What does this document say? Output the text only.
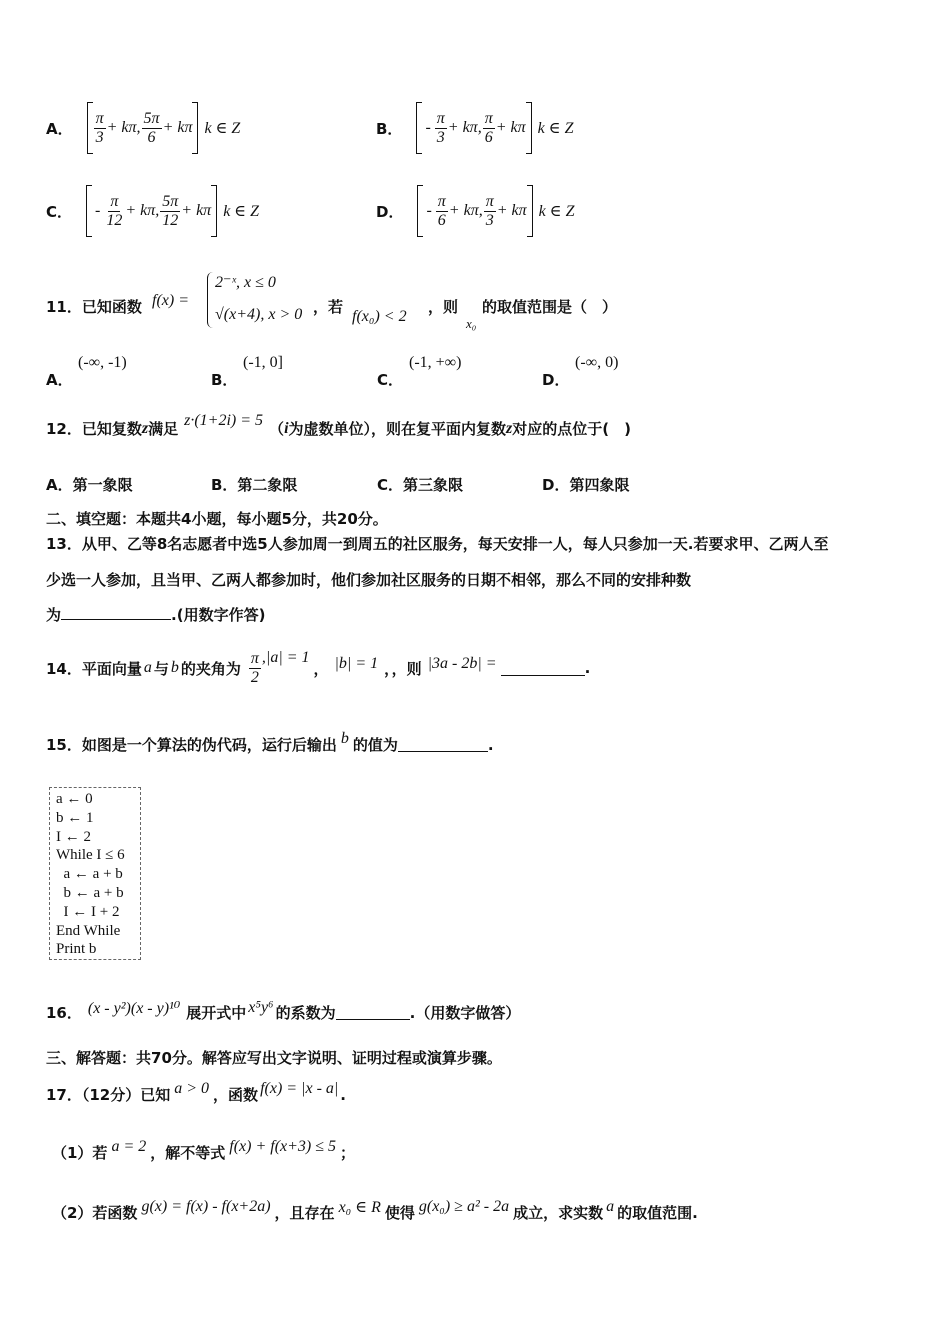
A． $\frac{\pi}{3} + k\pi$, $\frac{5\pi}{6} + k\pi$ k ∈ Z	B． - $\frac{\pi}{3} + k\pi$, $\frac{\pi}{6} + k\pi$ k ∈ Z
C． - $\frac{\pi}{12} + k\pi$, $\frac{5\pi}{12} + k\pi$ k ∈ Z	D． - $\frac{\pi}{6} + k\pi$, $\frac{\pi}{3} + k\pi$ k ∈ Z
11．已知函数 f(x) =
2⁻ˣ, x ≤ 0
√(x+4), x > 0 ，若
f(x₀) < 2
，则
x₀
的取值范围是（　）
A．
(-∞, -1)
B．
(-1, 0]
C．
(-1, +∞)
D．
(-∞, 0)
12．已知复数 z 满足 z·(1+2i) = 5 （ i 为虚数单位），则在复平面内复数 z 对应的点位于(　)
A．第一象限	B．第二象限	C．第三象限	D．第四象限
二、填空题：本题共4小题，每小题5分，共20分。
13．从甲、乙等8名志愿者中选5人参加周一到周五的社区服务，每天安排一人，每人只参加一天.若要求甲、乙两人至
少选一人参加，且当甲、乙两人都参加时，他们参加社区服务的日期不相邻，那么不同的安排种数
为	.(用数字作答)
14．平面向量 a 与 b 的夹角为 $\frac{\pi}{2} ,|a| = 1$
， |b| = 1 ，，则 |3a - 2b| =	.
15．如图是一个算法的伪代码，运行后输出 b 的值为	.
a ← 0
b ← 1
I ← 2
While I ≤ 6
a ← a + b
b ← a + b
I ← I + 2
End While
Print b
16． (x - y²)(x - y)¹⁰ 展开式中 x⁵y⁶ 的系数为	.（用数字做答）
三、解答题：共70分。解答应写出文字说明、证明过程或演算步骤。
17．（12分）已知 a > 0 ，函数 f(x) = |x - a| .
（1）若 a = 2 ，解不等式 f(x) + f(x+3) ≤ 5 ；
（2）若函数 g(x) = f(x) - f(x+2a) ，且存在 x₀ ∈ R 使得 g(x₀) ≥ a² - 2a 成立，求实数 a 的取值范围.
